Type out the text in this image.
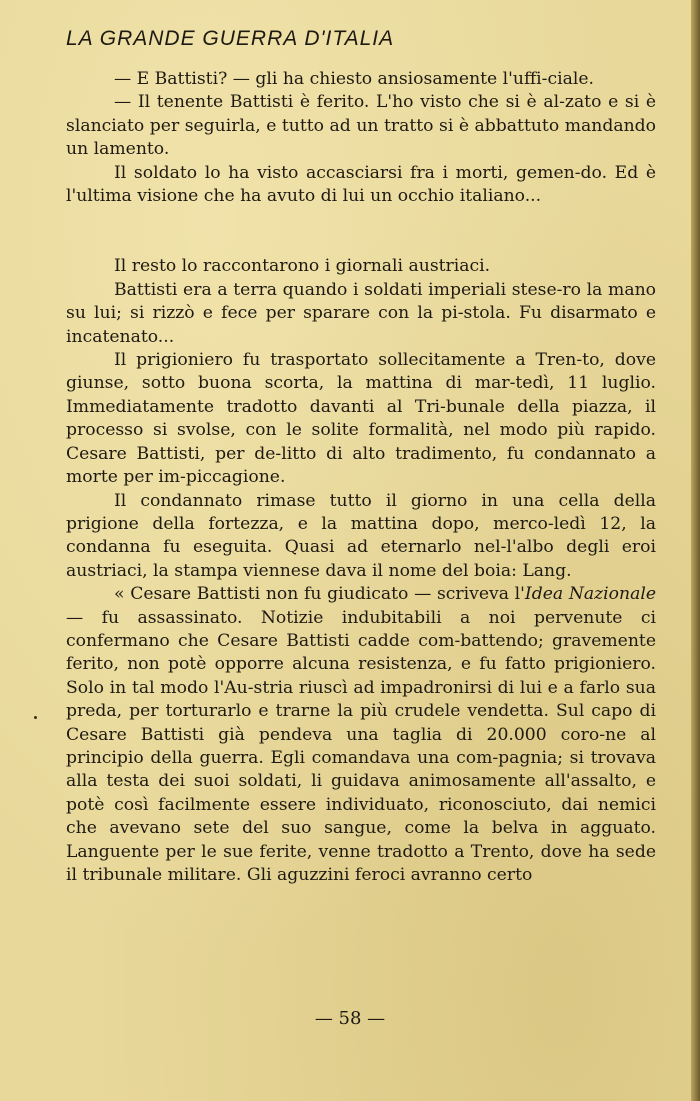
LA GRANDE GUERRA D'ITALIA

— E Battisti? — gli ha chiesto ansiosamente l'uffi-ciale.

— Il tenente Battisti è ferito. L'ho visto che si è al-zato e si è slanciato per seguirla, e tutto ad un tratto si è abbattuto mandando un lamento.

Il soldato lo ha visto accasciarsi fra i morti, gemen-do. Ed è l'ultima visione che ha avuto di lui un occhio italiano...

Il resto lo raccontarono i giornali austriaci.

Battisti era a terra quando i soldati imperiali stese-ro la mano su lui; si rizzò e fece per sparare con la pi-stola. Fu disarmato e incatenato...

Il prigioniero fu trasportato sollecitamente a Tren-to, dove giunse, sotto buona scorta, la mattina di mar-tedì, 11 luglio. Immediatamente tradotto davanti al Tri-bunale della piazza, il processo si svolse, con le solite formalità, nel modo più rapido. Cesare Battisti, per de-litto di alto tradimento, fu condannato a morte per im-piccagione.

Il condannato rimase tutto il giorno in una cella della prigione della fortezza, e la mattina dopo, merco-ledì 12, la condanna fu eseguita. Quasi ad eternarlo nel-l'albo degli eroi austriaci, la stampa viennese dava il nome del boia: Lang.

« Cesare Battisti non fu giudicato — scriveva l'Idea Nazionale — fu assassinato. Notizie indubitabili a noi pervenute ci confermano che Cesare Battisti cadde com-battendo; gravemente ferito, non potè opporre alcuna resistenza, e fu fatto prigioniero. Solo in tal modo l'Au-stria riuscì ad impadronirsi di lui e a farlo sua preda, per torturarlo e trarne la più crudele vendetta. Sul capo di Cesare Battisti già pendeva una taglia di 20.000 coro-ne al principio della guerra. Egli comandava una com-pagnia; si trovava alla testa dei suoi soldati, li guidava animosamente all'assalto, e potè così facilmente essere individuato, riconosciuto, dai nemici che avevano sete del suo sangue, come la belva in agguato. Languente per le sue ferite, venne tradotto a Trento, dove ha sede il tribunale militare. Gli aguzzini feroci avranno certo

— 58 —
